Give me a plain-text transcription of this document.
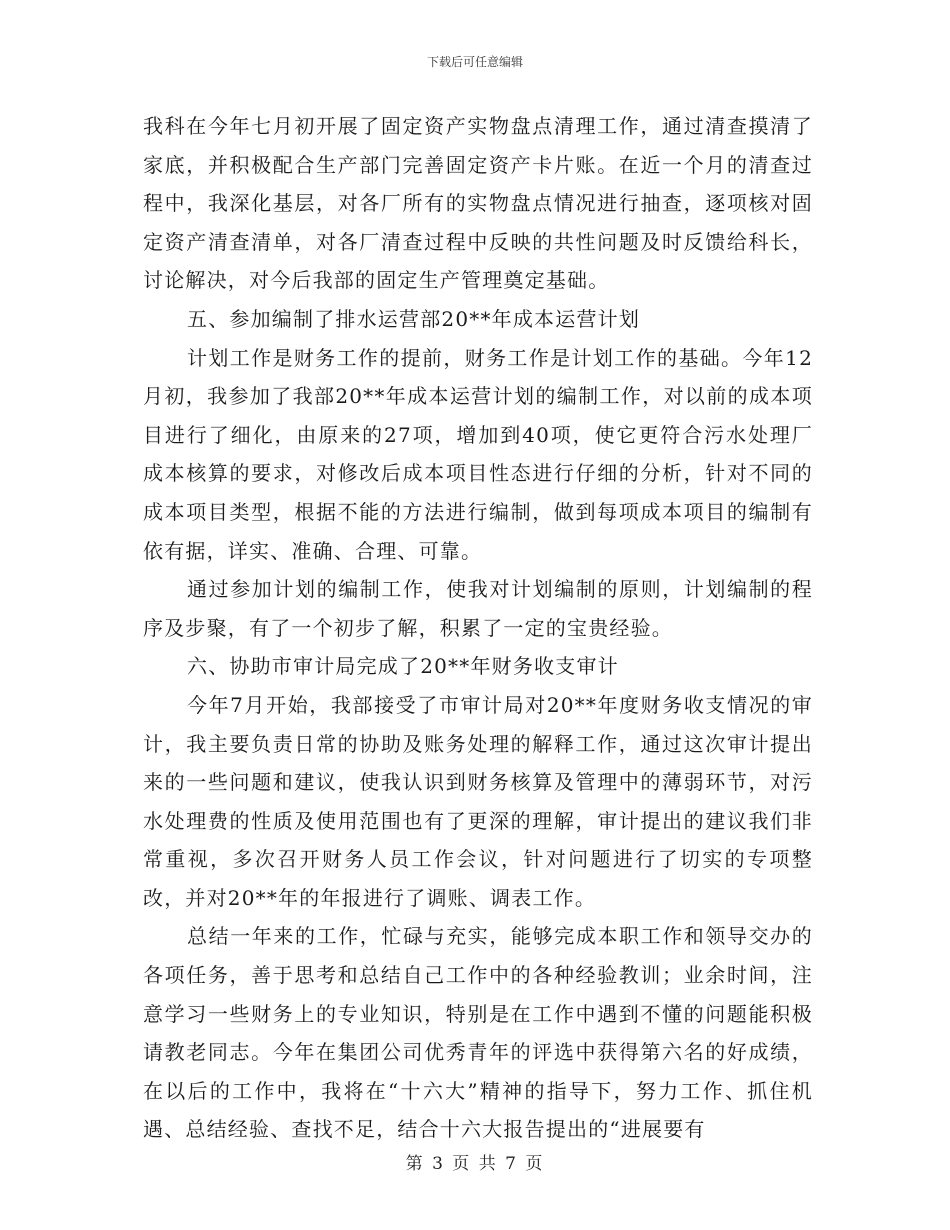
下载后可任意编辑

我科在今年七月初开展了固定资产实物盘点清理工作，通过清查摸清了家底，并积极配合生产部门完善固定资产卡片账。在近一个月的清查过程中，我深化基层，对各厂所有的实物盘点情况进行抽查，逐项核对固定资产清查清单，对各厂清查过程中反映的共性问题及时反馈给科长，讨论解决，对今后我部的固定生产管理奠定基础。

五、参加编制了排水运营部20**年成本运营计划

计划工作是财务工作的提前，财务工作是计划工作的基础。今年12月初，我参加了我部20**年成本运营计划的编制工作，对以前的成本项目进行了细化，由原来的27项，增加到40项，使它更符合污水处理厂成本核算的要求，对修改后成本项目性态进行仔细的分析，针对不同的成本项目类型，根据不能的方法进行编制，做到每项成本项目的编制有依有据，详实、准确、合理、可靠。

通过参加计划的编制工作，使我对计划编制的原则，计划编制的程序及步聚，有了一个初步了解，积累了一定的宝贵经验。

六、协助市审计局完成了20**年财务收支审计

今年7月开始，我部接受了市审计局对20**年度财务收支情况的审计，我主要负责日常的协助及账务处理的解释工作，通过这次审计提出来的一些问题和建议，使我认识到财务核算及管理中的薄弱环节，对污水处理费的性质及使用范围也有了更深的理解，审计提出的建议我们非常重视，多次召开财务人员工作会议，针对问题进行了切实的专项整改，并对20**年的年报进行了调账、调表工作。

总结一年来的工作，忙碌与充实，能够完成本职工作和领导交办的各项任务，善于思考和总结自己工作中的各种经验教训；业余时间，注意学习一些财务上的专业知识，特别是在工作中遇到不懂的问题能积极请教老同志。今年在集团公司优秀青年的评选中获得第六名的好成绩，在以后的工作中，我将在“十六大”精神的指导下，努力工作、抓住机遇、总结经验、查找不足，结合十六大报告提出的“进展要有

第 3 页 共 7 页
